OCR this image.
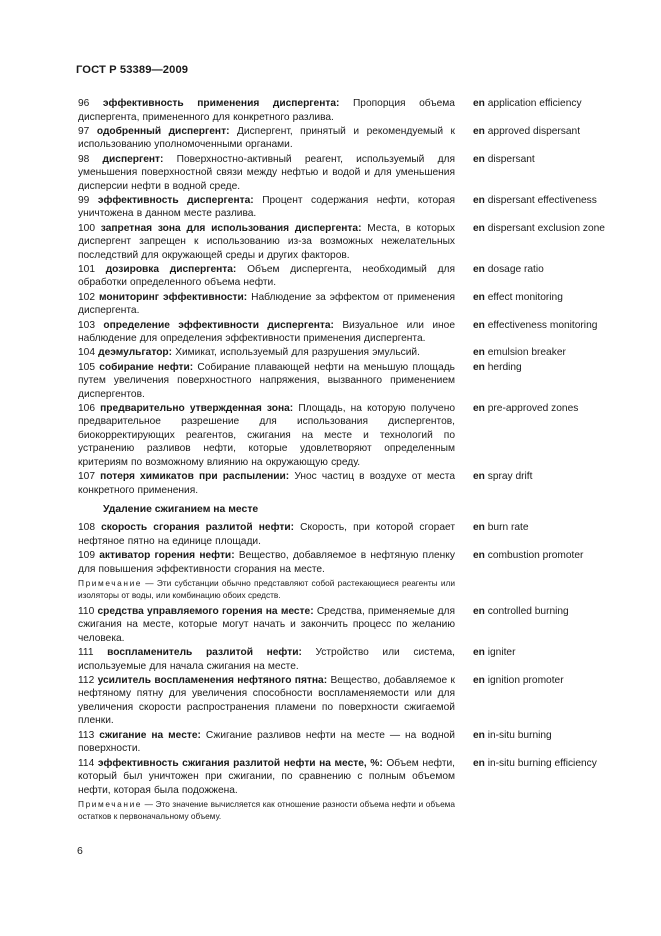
ГОСТ Р 53389—2009
96 эффективность применения диспергента: Пропорция объема диспергента, примененного для конкретного разлива.
en application efficiency
97 одобренный диспергент: Диспергент, принятый и рекомендуемый к использованию уполномоченными органами.
en approved dispersant
98 диспергент: Поверхностно-активный реагент, используемый для уменьшения поверхностной связи между нефтью и водой и для уменьшения дисперсии нефти в водной среде.
en dispersant
99 эффективность диспергента: Процент содержания нефти, которая уничтожена в данном месте разлива.
en dispersant effectiveness
100 запретная зона для использования диспергента: Места, в которых диспергент запрещен к использованию из-за возможных нежелательных последствий для окружающей среды и других факторов.
en dispersant exclusion zone
101 дозировка диспергента: Объем диспергента, необходимый для обработки определенного объема нефти.
en dosage ratio
102 мониторинг эффективности: Наблюдение за эффектом от применения диспергента.
en effect monitoring
103 определение эффективности диспергента: Визуальное или иное наблюдение для определения эффективности применения диспергента.
en effectiveness monitoring
104 деэмульгатор: Химикат, используемый для разрушения эмульсий.	en emulsion breaker
105 собирание нефти: Собирание плавающей нефти на меньшую площадь путем увеличения поверхностного напряжения, вызванного применением диспергентов.
en herding
106 предварительно утвержденная зона: Площадь, на которую получено предварительное разрешение для использования диспергентов, биокорректирующих реагентов, сжигания на месте и технологий по устранению разливов нефти, которые удовлетворяют определенным критериям по возможному влиянию на окружающую среду.
en pre-approved zones
107 потеря химикатов при распылении: Унос частиц в воздухе от места конкретного применения.
en spray drift
Удаление сжиганием на месте
108 скорость сгорания разлитой нефти: Скорость, при которой сгорает нефтяное пятно на единице площади.
en burn rate
109 активатор горения нефти: Вещество, добавляемое в нефтяную пленку для повышения эффективности сгорания на месте.
en combustion promoter
Примечание — Эти субстанции обычно представляют собой растекающиеся реагенты или изоляторы от воды, или комбинацию обоих средств.
110 средства управляемого горения на месте: Средства, применяемые для сжигания на месте, которые могут начать и закончить процесс по желанию человека.
en controlled burning
111 воспламенитель разлитой нефти: Устройство или система, используемые для начала сжигания на месте.
en igniter
112 усилитель воспламенения нефтяного пятна: Вещество, добавляемое к нефтяному пятну для увеличения способности воспламеняемости или для увеличения скорости распространения пламени по поверхности сжигаемой пленки.
en ignition promoter
113 сжигание на месте: Сжигание разливов нефти на месте — на водной поверхности.
en in-situ burning
114 эффективность сжигания разлитой нефти на месте, %: Объем нефти, который был уничтожен при сжигании, по сравнению с полным объемом нефти, которая была подожжена.
en in-situ burning efficiency
Примечание — Это значение вычисляется как отношение разности объема нефти и объема остатков к первоначальному объему.
6
